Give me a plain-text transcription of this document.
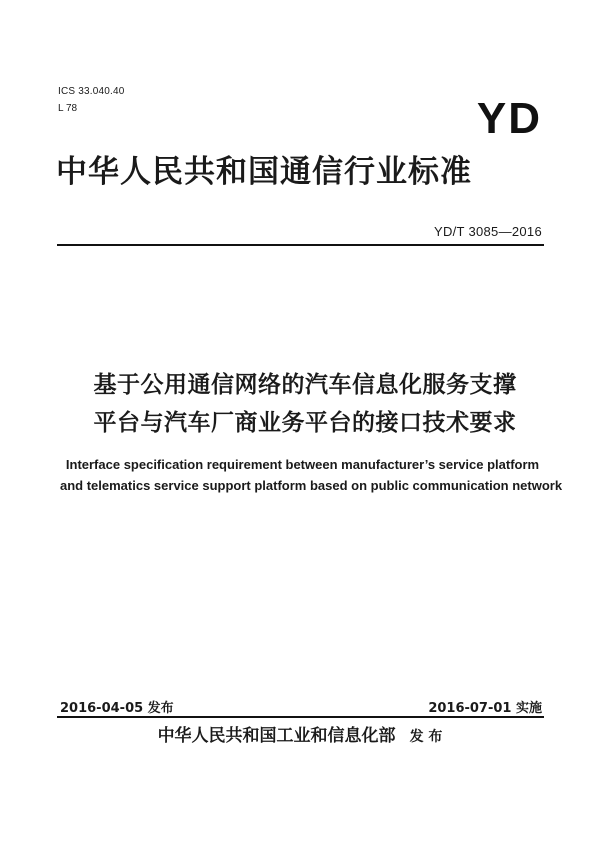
ICS 33.040.40
L 78	YD
中华人民共和国通信行业标准
YD/T 3085—2016
基于公用通信网络的汽车信息化服务支撑
平台与汽车厂商业务平台的接口技术要求
Interface specification requirement between manufacturer’s service platform
and telematics service support platform based on public communication network
2016-04-05 发布	2016-07-01 实施
中华人民共和国工业和信息化部 发 布
